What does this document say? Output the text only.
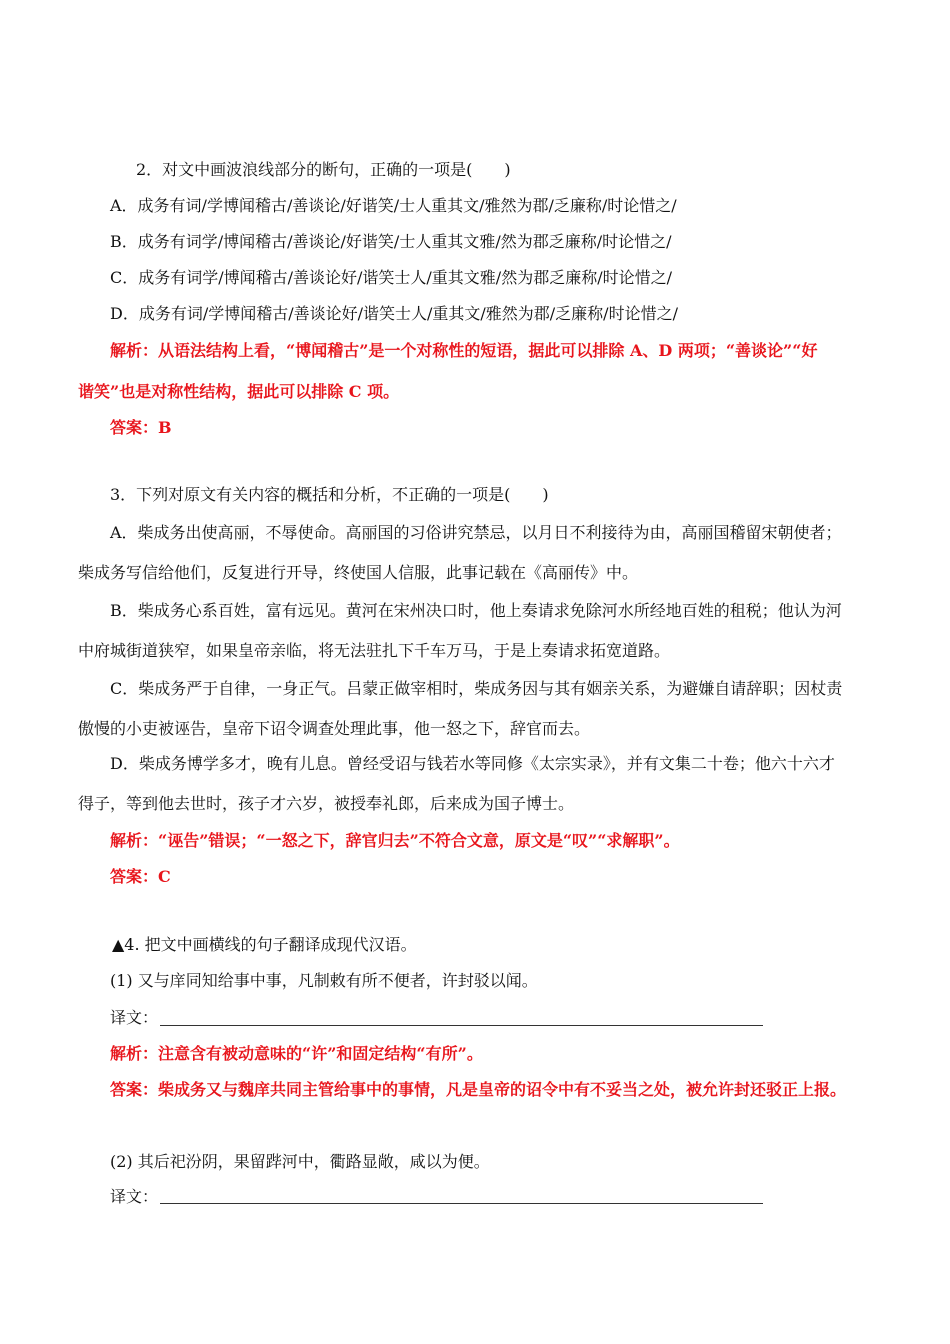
2．对文中画波浪线部分的断句，正确的一项是(　　)
A．成务有词/学博闻稽古/善谈论/好谐笑/士人重其文/雅然为郡/乏廉称/时论惜之/
B．成务有词学/博闻稽古/善谈论/好谐笑/士人重其文雅/然为郡乏廉称/时论惜之/
C．成务有词学/博闻稽古/善谈论好/谐笑士人/重其文雅/然为郡乏廉称/时论惜之/
D．成务有词/学博闻稽古/善谈论好/谐笑士人/重其文/雅然为郡/乏廉称/时论惜之/
解析：从语法结构上看，“博闻稽古”是一个对称性的短语，据此可以排除 A、D 两项；“善谈论”“好
谐笑”也是对称性结构，据此可以排除 C 项。
答案：B
3．下列对原文有关内容的概括和分析，不正确的一项是(　　)
A．柴成务出使高丽，不辱使命。高丽国的习俗讲究禁忌，以月日不利接待为由，高丽国稽留宋朝使者；
柴成务写信给他们，反复进行开导，终使国人信服，此事记载在《高丽传》中。
B．柴成务心系百姓，富有远见。黄河在宋州决口时，他上奏请求免除河水所经地百姓的租税；他认为河
中府城街道狭窄，如果皇帝亲临，将无法驻扎下千车万马，于是上奏请求拓宽道路。
C．柴成务严于自律，一身正气。吕蒙正做宰相时，柴成务因与其有姻亲关系，为避嫌自请辞职；因杖责
傲慢的小吏被诬告，皇帝下诏令调查处理此事，他一怒之下，辞官而去。
D．柴成务博学多才，晚有儿息。曾经受诏与钱若水等同修《太宗实录》，并有文集二十卷；他六十六才
得子，等到他去世时，孩子才六岁，被授奉礼郎，后来成为国子博士。
解析：“诬告”错误；“一怒之下，辞官归去”不符合文意，原文是“叹”“求解职”。
答案：C
▲4. 把文中画横线的句子翻译成现代汉语。
(1) 又与庠同知给事中事，凡制敕有所不便者，许封驳以闻。
译文：
解析：注意含有被动意味的“许”和固定结构“有所”。
答案：柴成务又与魏庠共同主管给事中的事情，凡是皇帝的诏令中有不妥当之处，被允许封还驳正上报。
(2) 其后祀汾阴，果留跸河中，衢路显敞，咸以为便。
译文：
